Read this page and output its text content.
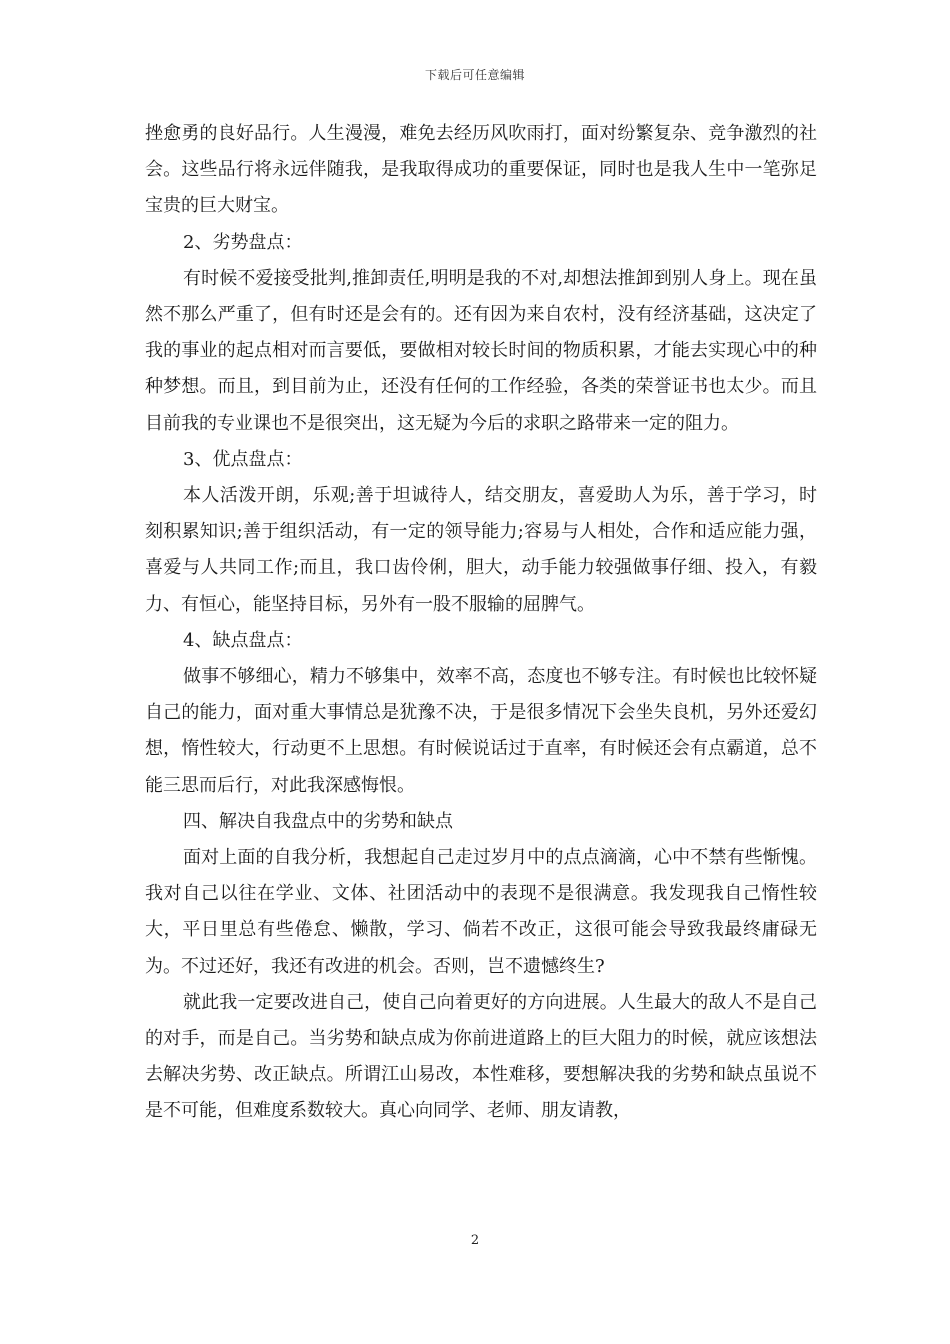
下载后可任意编辑

挫愈勇的良好品行。人生漫漫，难免去经历风吹雨打，面对纷繁复杂、竞争激烈的社会。这些品行将永远伴随我，是我取得成功的重要保证，同时也是我人生中一笔弥足宝贵的巨大财宝。

2、劣势盘点：

有时候不爱接受批判,推卸责任,明明是我的不对,却想法推卸到别人身上。现在虽然不那么严重了，但有时还是会有的。还有因为来自农村，没有经济基础，这决定了我的事业的起点相对而言要低，要做相对较长时间的物质积累，才能去实现心中的种种梦想。而且，到目前为止，还没有任何的工作经验，各类的荣誉证书也太少。而且目前我的专业课也不是很突出，这无疑为今后的求职之路带来一定的阻力。

3、优点盘点：

本人活泼开朗，乐观;善于坦诚待人，结交朋友，喜爱助人为乐，善于学习，时刻积累知识;善于组织活动，有一定的领导能力;容易与人相处，合作和适应能力强，喜爱与人共同工作;而且，我口齿伶俐，胆大，动手能力较强做事仔细、投入，有毅力、有恒心，能坚持目标，另外有一股不服输的屈脾气。

4、缺点盘点：

做事不够细心，精力不够集中，效率不高，态度也不够专注。有时候也比较怀疑自己的能力，面对重大事情总是犹豫不决，于是很多情况下会坐失良机，另外还爱幻想，惰性较大，行动更不上思想。有时候说话过于直率，有时候还会有点霸道，总不能三思而后行，对此我深感悔恨。

四、解决自我盘点中的劣势和缺点

面对上面的自我分析，我想起自己走过岁月中的点点滴滴，心中不禁有些惭愧。我对自己以往在学业、文体、社团活动中的表现不是很满意。我发现我自己惰性较大，平日里总有些倦怠、懒散，学习、倘若不改正，这很可能会导致我最终庸碌无为。不过还好，我还有改进的机会。否则，岂不遗憾终生?

就此我一定要改进自己，使自己向着更好的方向进展。人生最大的敌人不是自己的对手，而是自己。当劣势和缺点成为你前进道路上的巨大阻力的时候，就应该想法去解决劣势、改正缺点。所谓江山易改，本性难移，要想解决我的劣势和缺点虽说不是不可能，但难度系数较大。真心向同学、老师、朋友请教，

2
